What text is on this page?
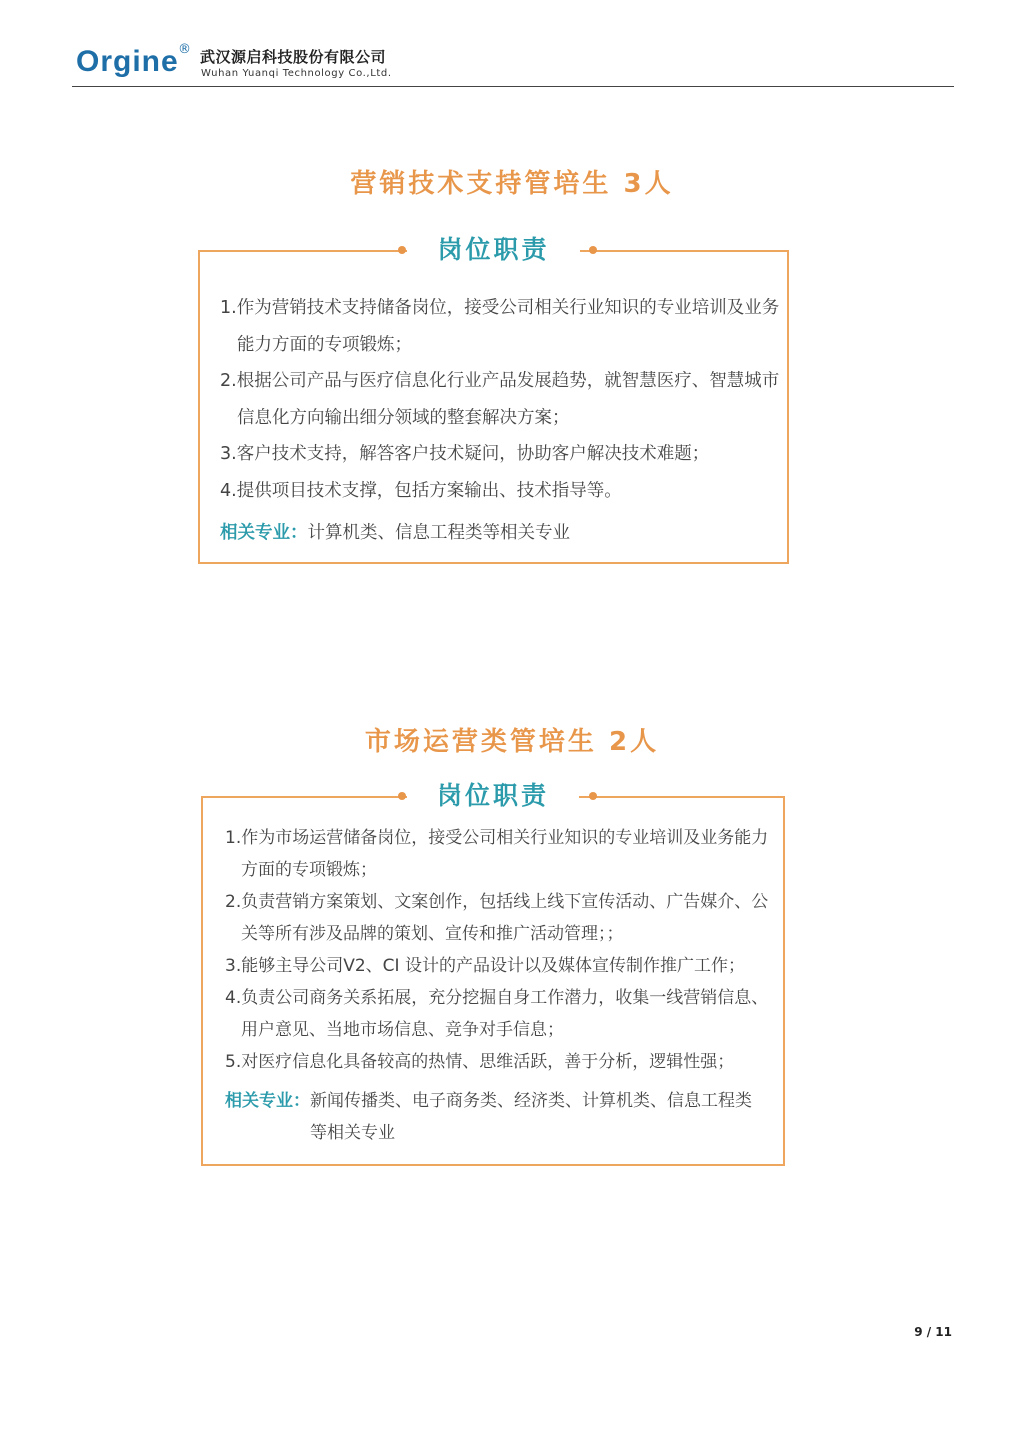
Orgine ® 武汉源启科技股份有限公司
Wuhan Yuanqi Technology Co.,Ltd.
营销技术支持管培生 3人
岗位职责
1.作为营销技术支持储备岗位，接受公司相关行业知识的专业培训及业务能力方面的专项锻炼；
2.根据公司产品与医疗信息化行业产品发展趋势，就智慧医疗、智慧城市信息化方向输出细分领域的整套解决方案；
3.客户技术支持，解答客户技术疑问，协助客户解决技术难题；
4.提供项目技术支撑，包括方案输出、技术指导等。
相关专业：计算机类、信息工程类等相关专业
市场运营类管培生 2人
岗位职责
1.作为市场运营储备岗位，接受公司相关行业知识的专业培训及业务能力方面的专项锻炼；
2.负责营销方案策划、文案创作，包括线上线下宣传活动、广告媒介、公关等所有涉及品牌的策划、宣传和推广活动管理；；
3.能够主导公司V2、CI 设计的产品设计以及媒体宣传制作推广工作；
4.负责公司商务关系拓展，充分挖掘自身工作潜力，收集一线营销信息、用户意见、当地市场信息、竞争对手信息；
5.对医疗信息化具备较高的热情、思维活跃，善于分析，逻辑性强；
相关专业： 新闻传播类、电子商务类、经济类、计算机类、信息工程类等相关专业
9 / 11
